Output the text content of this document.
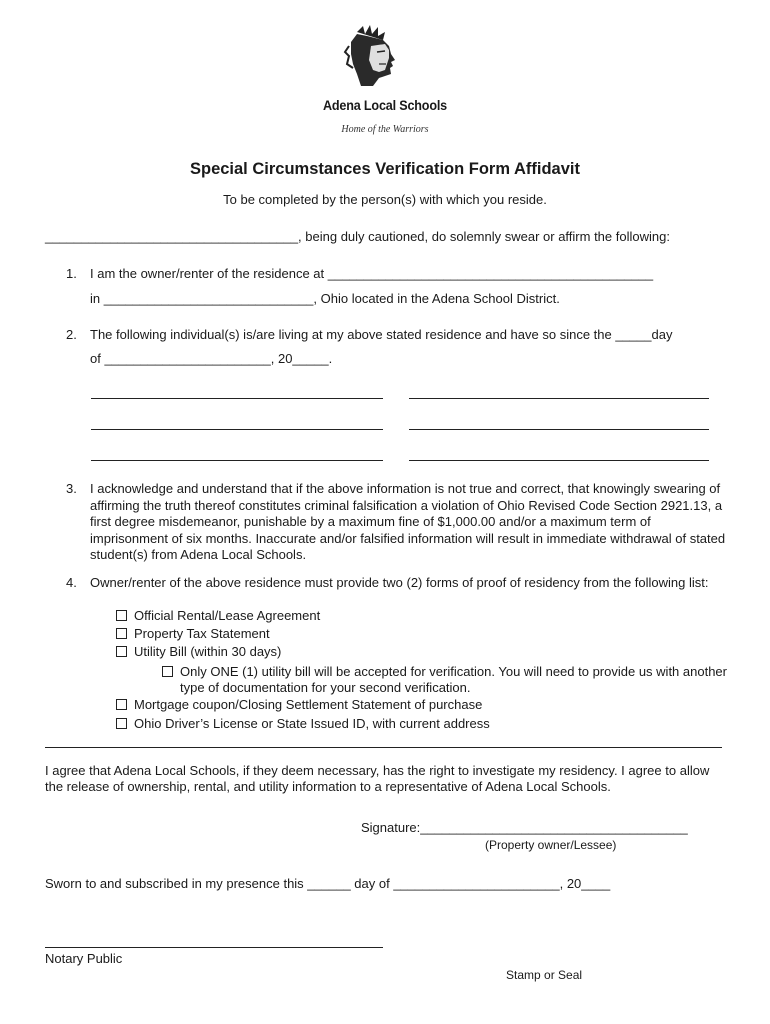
Adena Local Schools
Home of the Warriors
Special Circumstances Verification Form Affidavit
To be completed by the person(s) with which you reside.
___________________________________, being duly cautioned, do solemnly swear or affirm the following:
1. I am the owner/renter of the residence at _____________________________________________
in _____________________________, Ohio located in the Adena School District.
2. The following individual(s) is/are living at my above stated residence and have so since the _____day
of _______________________, 20_____.
3. I acknowledge and understand that if the above information is not true and correct, that knowingly swearing of affirming the truth thereof constitutes criminal falsification a violation of Ohio Revised Code Section 2921.13, a first degree misdemeanor, punishable by a maximum fine of $1,000.00 and/or a maximum term of imprisonment of six months. Inaccurate and/or falsified information will result in immediate withdrawal of stated student(s) from Adena Local Schools.
4. Owner/renter of the above residence must provide two (2) forms of proof of residency from the following list:
Official Rental/Lease Agreement
Property Tax Statement
Utility Bill (within 30 days)
Only ONE (1) utility bill will be accepted for verification. You will need to provide us with another type of documentation for your second verification.
Mortgage coupon/Closing Settlement Statement of purchase
Ohio Driver’s License or State Issued ID, with current address
I agree that Adena Local Schools, if they deem necessary, has the right to investigate my residency. I agree to allow the release of ownership, rental, and utility information to a representative of Adena Local Schools.
Signature:_____________________________________
(Property owner/Lessee)
Sworn to and subscribed in my presence this ______ day of _______________________, 20____
Notary Public
Stamp or Seal
